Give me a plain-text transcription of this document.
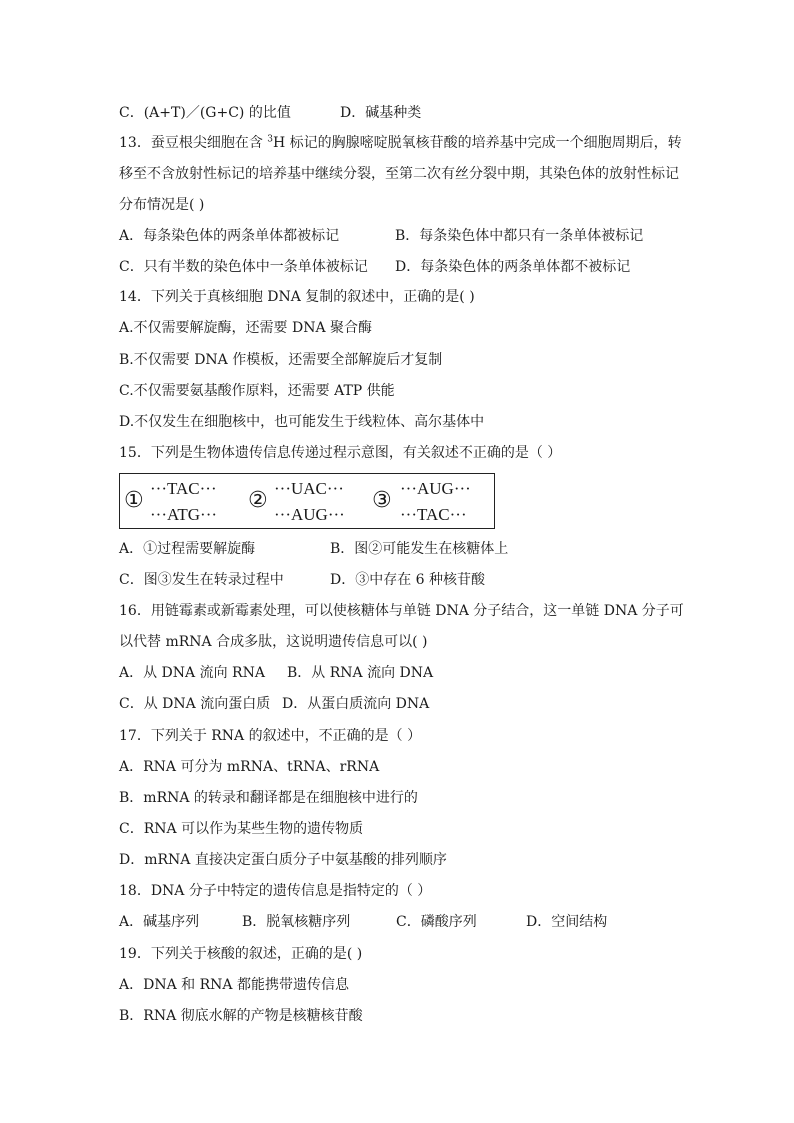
C．(A+T)／(G+C) 的比值	D．碱基种类
13．蚕豆根尖细胞在含 $^3$H 标记的胸腺嘧啶脱氧核苷酸的培养基中完成一个细胞周期后，转
移至不含放射性标记的培养基中继续分裂，至第二次有丝分裂中期，其染色体的放射性标记
分布情况是( )
A．每条染色体的两条单体都被标记	B．每条染色体中都只有一条单体被标记
C．只有半数的染色体中一条单体被标记 D．每条染色体的两条单体都不被标记
14．下列关于真核细胞 DNA 复制的叙述中，正确的是( )
A.不仅需要解旋酶，还需要 DNA 聚合酶
B.不仅需要 DNA 作模板，还需要全部解旋后才复制
C.不仅需要氨基酸作原料，还需要 ATP 供能
D.不仅发生在细胞核中，也可能发生于线粒体、高尔基体中
15．下列是生物体遗传信息传递过程示意图，有关叙述不正确的是（ ）
① ···TAC···
···ATG···
② ···UAC···
···AUG···
③ ···AUG···
···TAC···
A．①过程需要解旋酶	B．图②可能发生在核糖体上
C．图③发生在转录过程中	D．③中存在 6 种核苷酸
16．用链霉素或新霉素处理，可以使核糖体与单链 DNA 分子结合，这一单链 DNA 分子可
以代替 mRNA 合成多肽，这说明遗传信息可以( )
A．从 DNA 流向 RNA B．从 RNA 流向 DNA
C．从 DNA 流向蛋白质 D．从蛋白质流向 DNA
17．下列关于 RNA 的叙述中，不正确的是（ ）
A．RNA 可分为 mRNA、tRNA、rRNA
B．mRNA 的转录和翻译都是在细胞核中进行的
C．RNA 可以作为某些生物的遗传物质
D．mRNA 直接决定蛋白质分子中氨基酸的排列顺序
18．DNA 分子中特定的遗传信息是指特定的（ ）
A．碱基序列	B．脱氧核糖序列	C．磷酸序列	D．空间结构
19．下列关于核酸的叙述，正确的是( )
A．DNA 和 RNA 都能携带遗传信息
B．RNA 彻底水解的产物是核糖核苷酸
